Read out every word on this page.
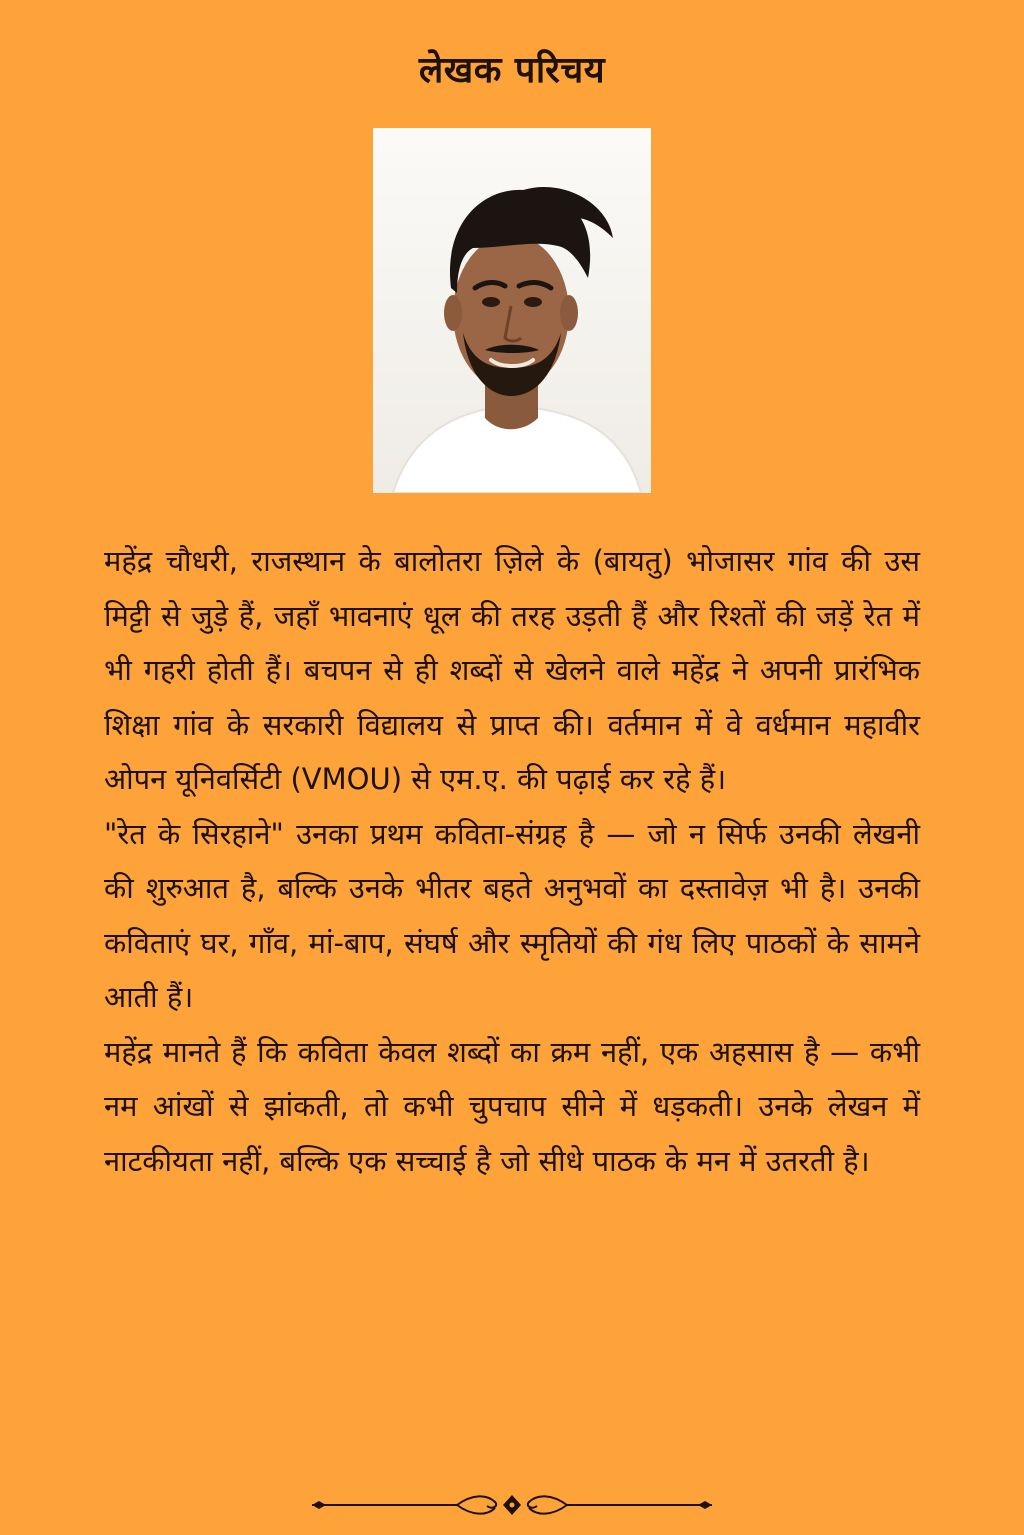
लेखक परिचय

महेंद्र चौधरी, राजस्थान के बालोतरा ज़िले के (बायतु) भोजासर गांव की उस मिट्टी से जुड़े हैं, जहाँ भावनाएं धूल की तरह उड़ती हैं और रिश्तों की जड़ें रेत में भी गहरी होती हैं। बचपन से ही शब्दों से खेलने वाले महेंद्र ने अपनी प्रारंभिक शिक्षा गांव के सरकारी विद्यालय से प्राप्त की। वर्तमान में वे वर्धमान महावीर ओपन यूनिवर्सिटी (VMOU) से एम.ए. की पढ़ाई कर रहे हैं।

"रेत के सिरहाने" उनका प्रथम कविता-संग्रह है — जो न सिर्फ उनकी लेखनी की शुरुआत है, बल्कि उनके भीतर बहते अनुभवों का दस्तावेज़ भी है। उनकी कविताएं घर, गाँव, मां-बाप, संघर्ष और स्मृतियों की गंध लिए पाठकों के सामने आती हैं।

महेंद्र मानते हैं कि कविता केवल शब्दों का क्रम नहीं, एक अहसास है — कभी नम आंखों से झांकती, तो कभी चुपचाप सीने में धड़कती। उनके लेखन में नाटकीयता नहीं, बल्कि एक सच्चाई है जो सीधे पाठक के मन में उतरती है।
